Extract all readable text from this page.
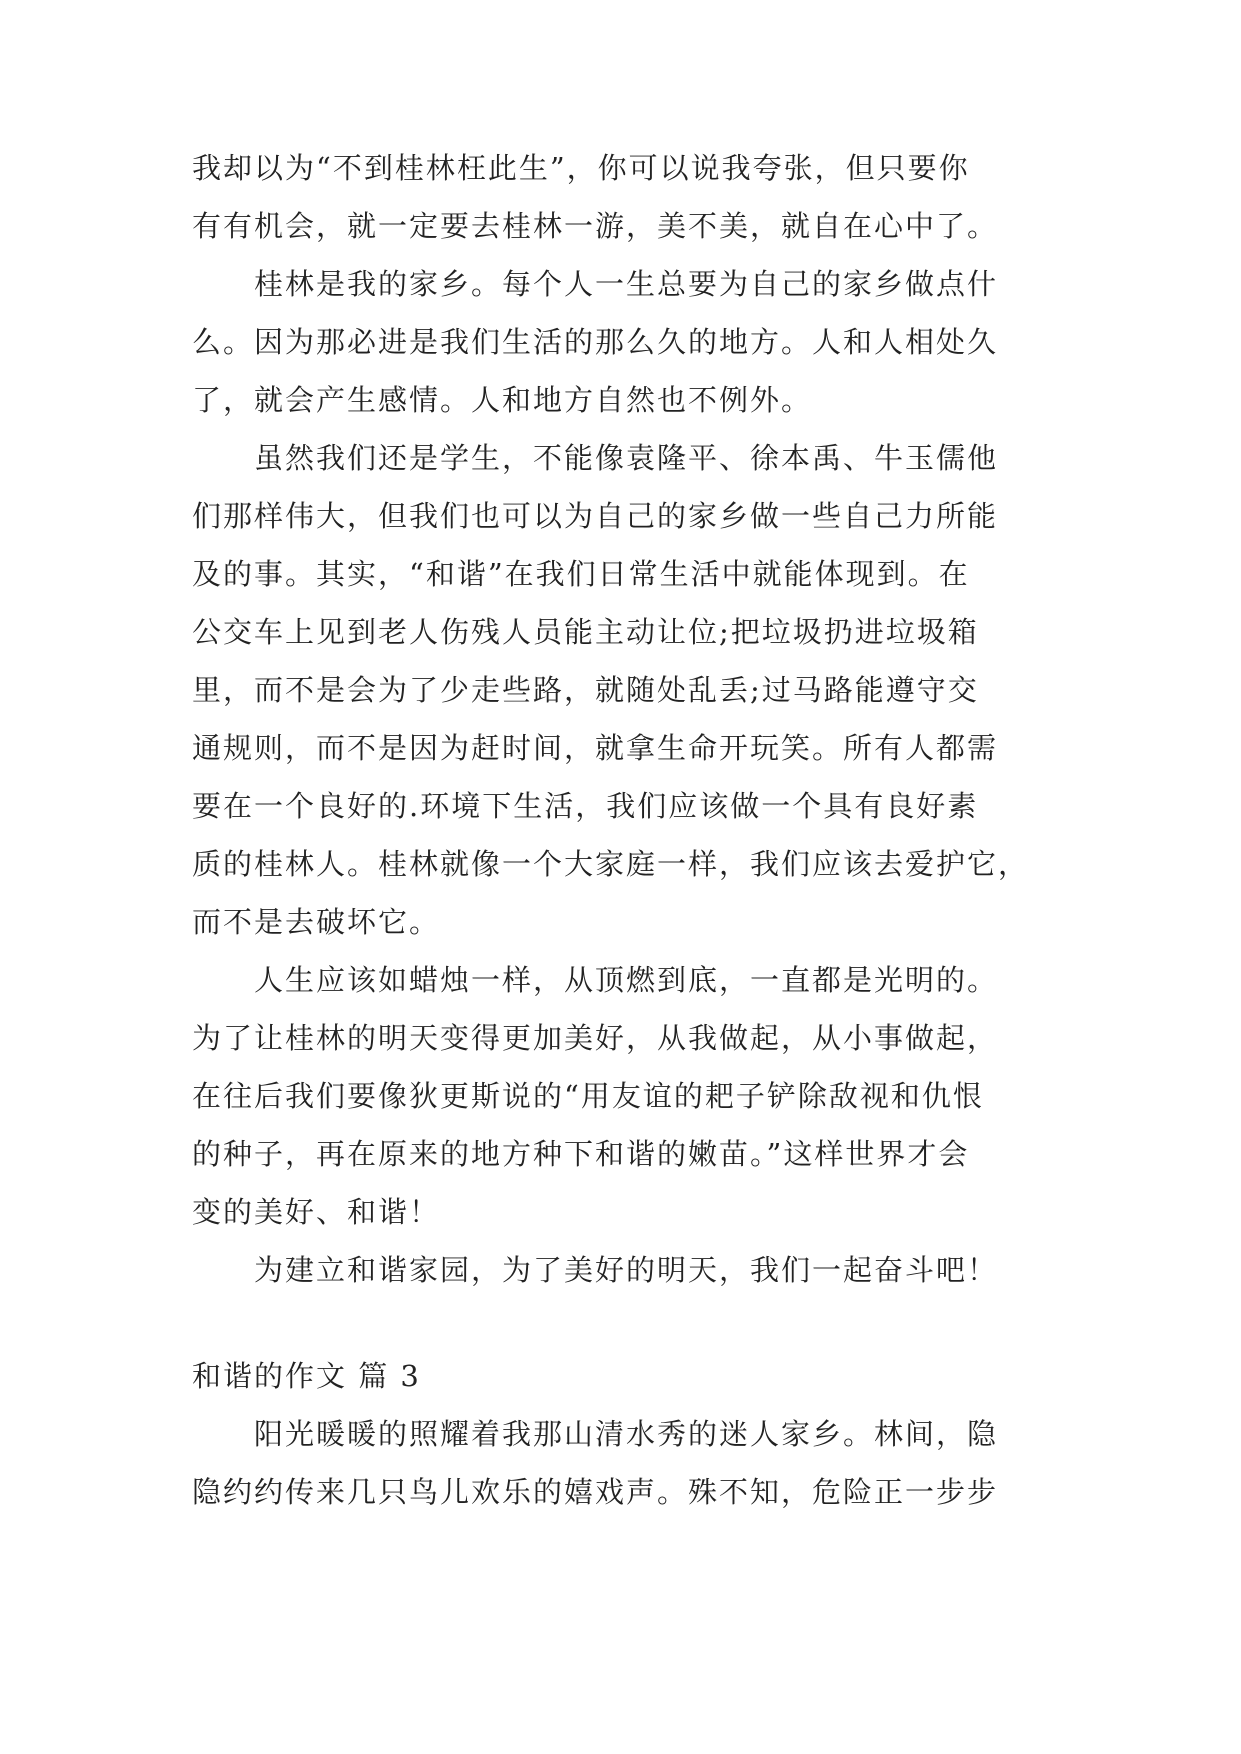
我却以为“不到桂林枉此生”，你可以说我夸张，但只要你
有有机会，就一定要去桂林一游，美不美，就自在心中了。
桂林是我的家乡。每个人一生总要为自己的家乡做点什
么。因为那必进是我们生活的那么久的地方。人和人相处久
了，就会产生感情。人和地方自然也不例外。
虽然我们还是学生，不能像袁隆平、徐本禹、牛玉儒他
们那样伟大，但我们也可以为自己的家乡做一些自己力所能
及的事。其实，“和谐”在我们日常生活中就能体现到。在
公交车上见到老人伤残人员能主动让位;把垃圾扔进垃圾箱
里，而不是会为了少走些路，就随处乱丢;过马路能遵守交
通规则，而不是因为赶时间，就拿生命开玩笑。所有人都需
要在一个良好的.环境下生活，我们应该做一个具有良好素
质的桂林人。桂林就像一个大家庭一样，我们应该去爱护它，
而不是去破坏它。
人生应该如蜡烛一样，从顶燃到底，一直都是光明的。
为了让桂林的明天变得更加美好，从我做起，从小事做起，
在往后我们要像狄更斯说的“用友谊的耙子铲除敌视和仇恨
的种子，再在原来的地方种下和谐的嫩苗。”这样世界才会
变的美好、和谐！
为建立和谐家园，为了美好的明天，我们一起奋斗吧！
和谐的作文 篇 3
阳光暖暖的照耀着我那山清水秀的迷人家乡。林间，隐
隐约约传来几只鸟儿欢乐的嬉戏声。殊不知，危险正一步步
